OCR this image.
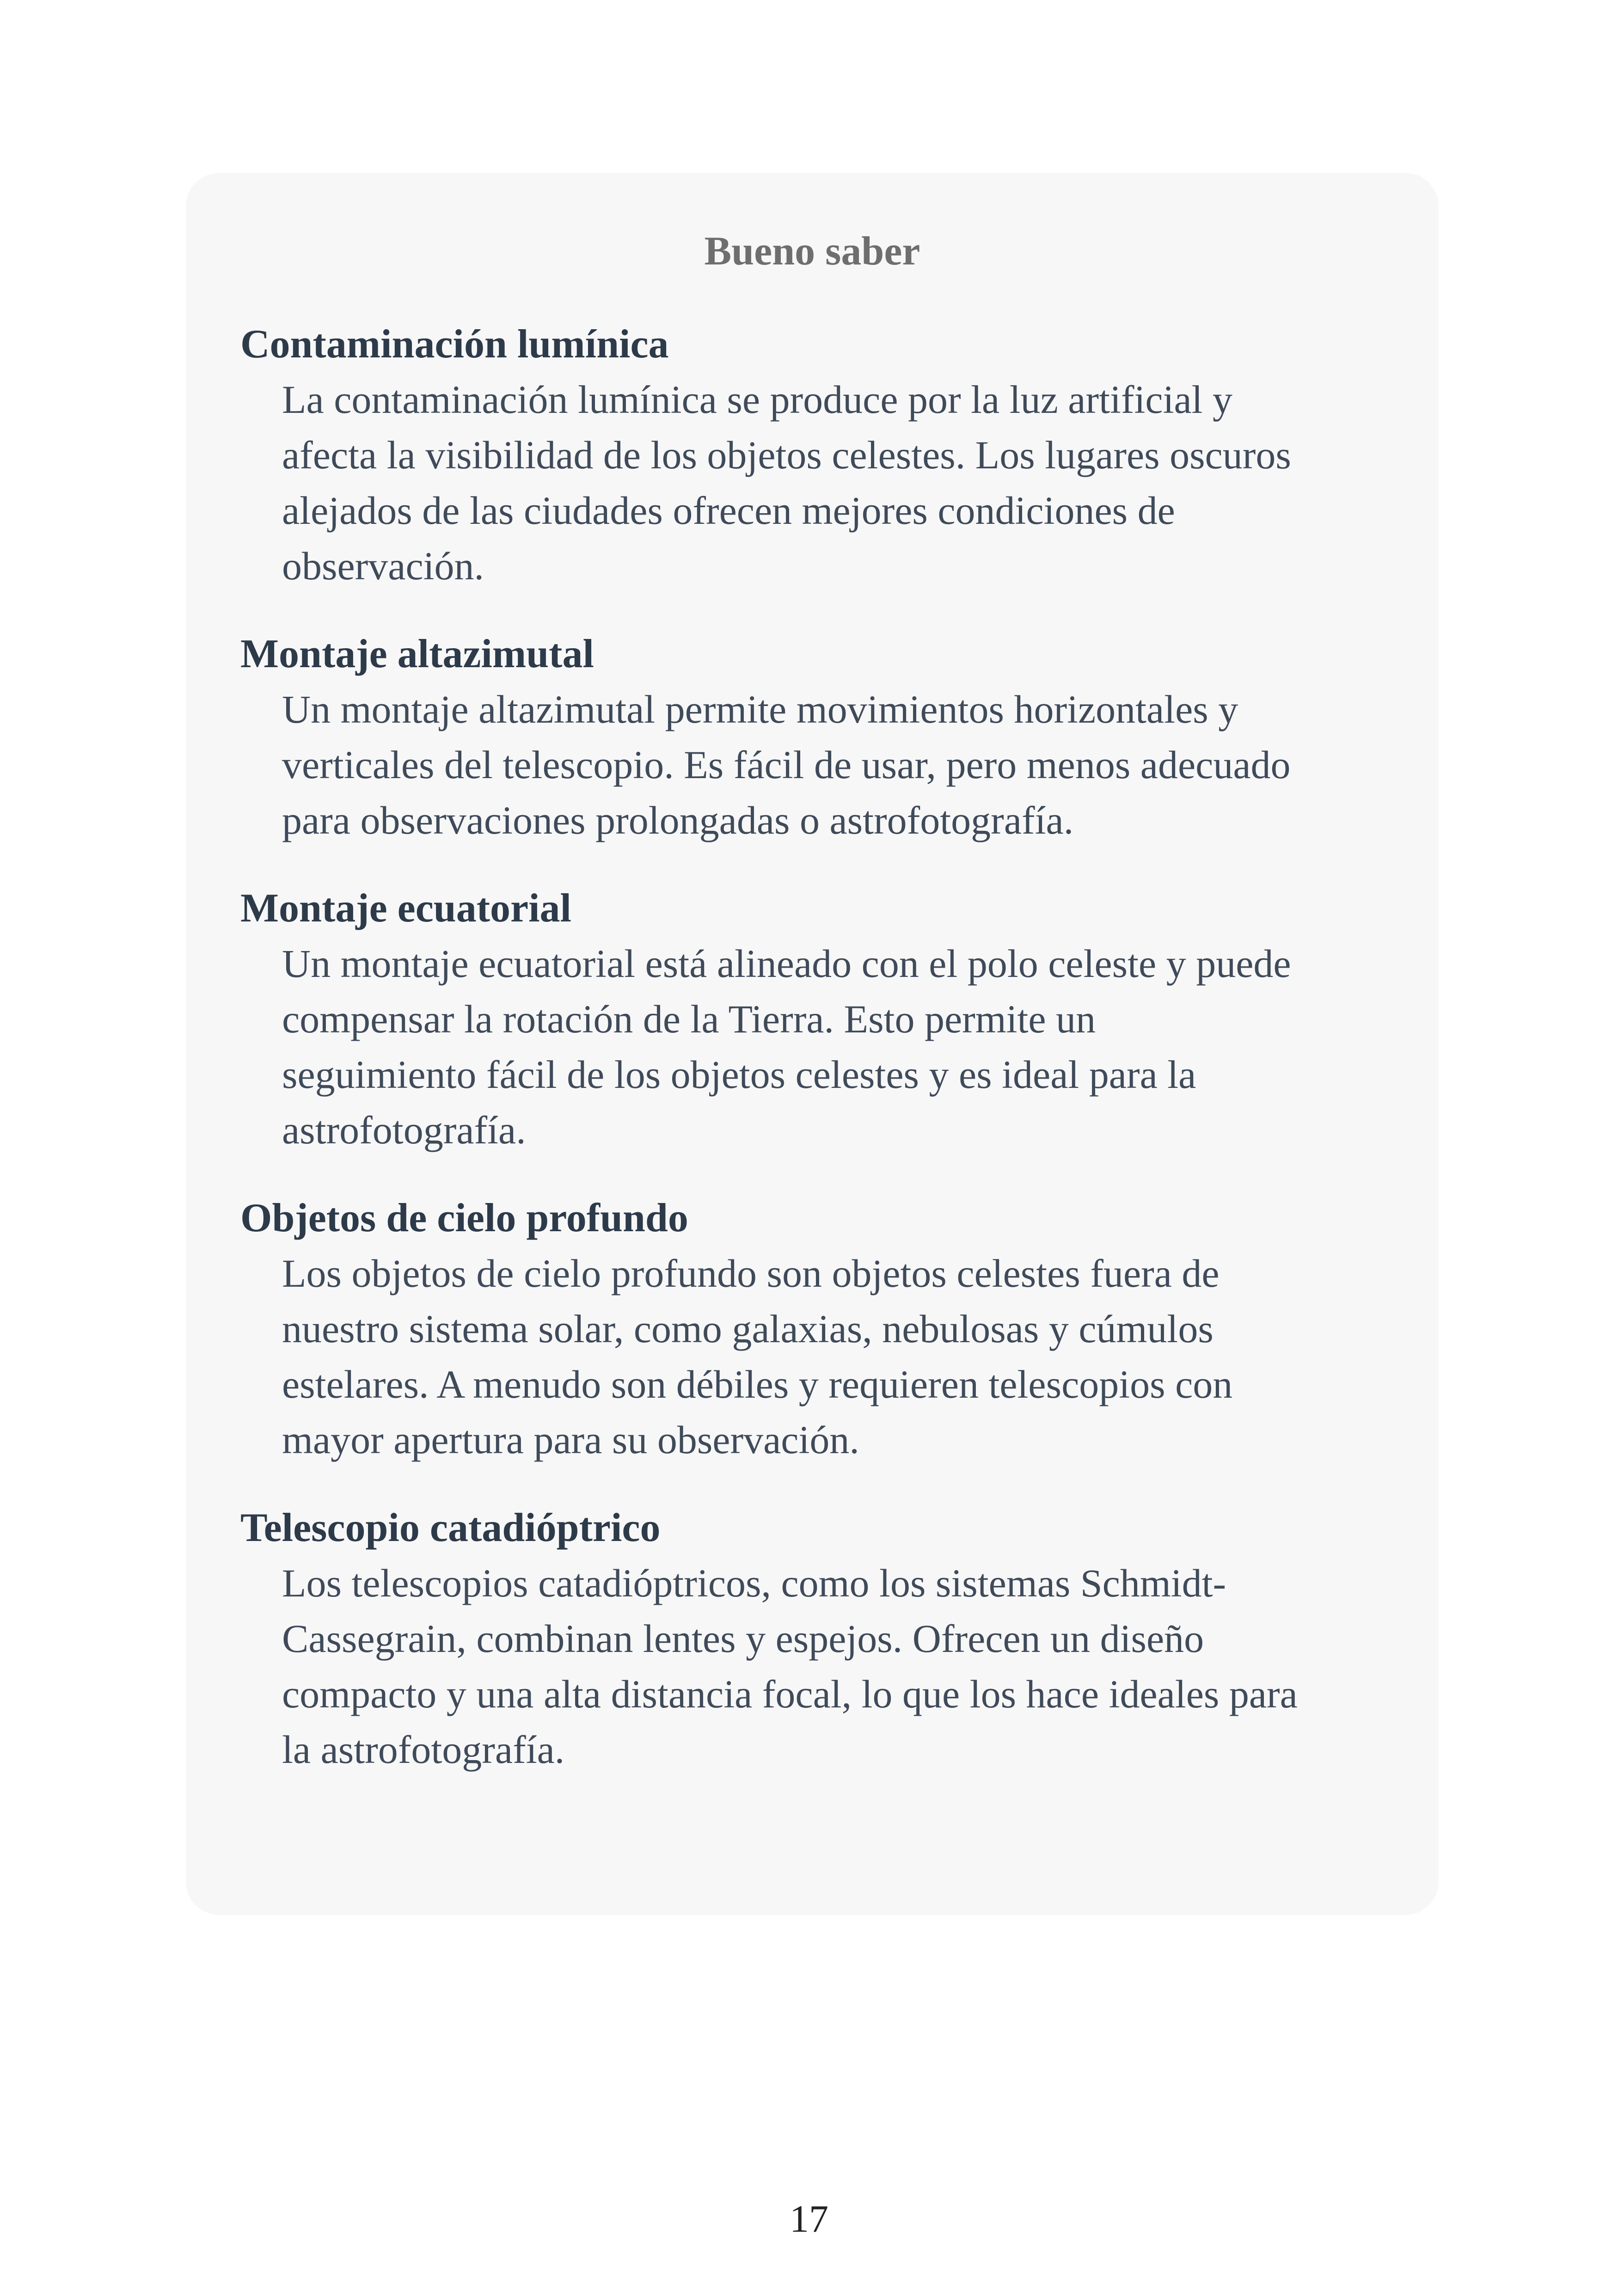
Bueno saber

Contaminación lumínica

La contaminación lumínica se produce por la luz artificial y
afecta la visibilidad de los objetos celestes. Los lugares oscuros
alejados de las ciudades ofrecen mejores condiciones de
observación.

Montaje altazimutal

Un montaje altazimutal permite movimientos horizontales y
verticales del telescopio. Es fácil de usar, pero menos adecuado
para observaciones prolongadas o astrofotografía.

Montaje ecuatorial

Un montaje ecuatorial está alineado con el polo celeste y puede
compensar la rotación de la Tierra. Esto permite un
seguimiento fácil de los objetos celestes y es ideal para la
astrofotografía.

Objetos de cielo profundo

Los objetos de cielo profundo son objetos celestes fuera de
nuestro sistema solar, como galaxias, nebulosas y cúmulos
estelares. A menudo son débiles y requieren telescopios con
mayor apertura para su observación.

Telescopio catadióptrico

Los telescopios catadióptricos, como los sistemas Schmidt-
Cassegrain, combinan lentes y espejos. Ofrecen un diseño
compacto y una alta distancia focal, lo que los hace ideales para
la astrofotografía.

17
